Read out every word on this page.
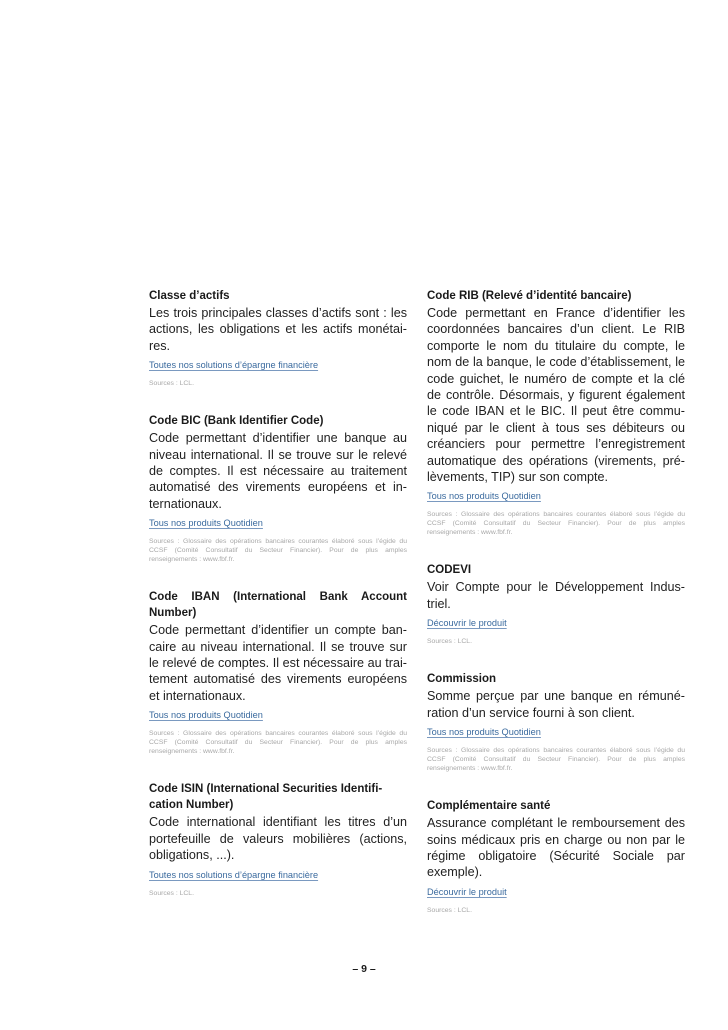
Classe d’actifs

Les trois principales classes d’actifs sont : les actions, les obligations et les actifs monétaires.

Toutes nos solutions d’épargne financière
Sources : LCL.

Code BIC (Bank Identifier Code)

Code permettant d’identifier une banque au niveau international. Il se trouve sur le relevé de comptes. Il est nécessaire au traitement automatisé des virements européens et internationaux.

Tous nos produits Quotidien
Sources : Glossaire des opérations bancaires courantes élaboré sous l’égide du CCSF (Comité Consultatif du Secteur Financier). Pour de plus amples renseignements : www.fbf.fr.

Code IBAN (International Bank Account Number)

Code permettant d’identifier un compte bancaire au niveau international. Il se trouve sur le relevé de comptes. Il est nécessaire au traitement automatisé des virements européens et internationaux.

Tous nos produits Quotidien
Sources : Glossaire des opérations bancaires courantes élaboré sous l’égide du CCSF (Comité Consultatif du Secteur Financier). Pour de plus amples renseignements : www.fbf.fr.

Code ISIN (International Securities Identification Number)

Code international identifiant les titres d’un portefeuille de valeurs mobilières (actions, obligations, ...).

Toutes nos solutions d’épargne financière
Sources : LCL.

Code RIB (Relevé d’identité bancaire)

Code permettant en France d’identifier les coordonnées bancaires d’un client. Le RIB comporte le nom du titulaire du compte, le nom de la banque, le code d’établissement, le code guichet, le numéro de compte et la clé de contrôle. Désormais, y figurent également le code IBAN et le BIC. Il peut être communiqué par le client à tous ses débiteurs ou créanciers pour permettre l’enregistrement automatique des opérations (virements, prélèvements, TIP) sur son compte.

Tous nos produits Quotidien
Sources : Glossaire des opérations bancaires courantes élaboré sous l’égide du CCSF (Comité Consultatif du Secteur Financier). Pour de plus amples renseignements : www.fbf.fr.

CODEVI

Voir Compte pour le Développement Industriel.

Découvrir le produit
Sources : LCL.

Commission

Somme perçue par une banque en rémunération d’un service fourni à son client.

Tous nos produits Quotidien
Sources : Glossaire des opérations bancaires courantes élaboré sous l’égide du CCSF (Comité Consultatif du Secteur Financier). Pour de plus amples renseignements : www.fbf.fr.

Complémentaire santé

Assurance complétant le remboursement des soins médicaux pris en charge ou non par le régime obligatoire (Sécurité Sociale par exemple).

Découvrir le produit
Sources : LCL.
– 9 –
